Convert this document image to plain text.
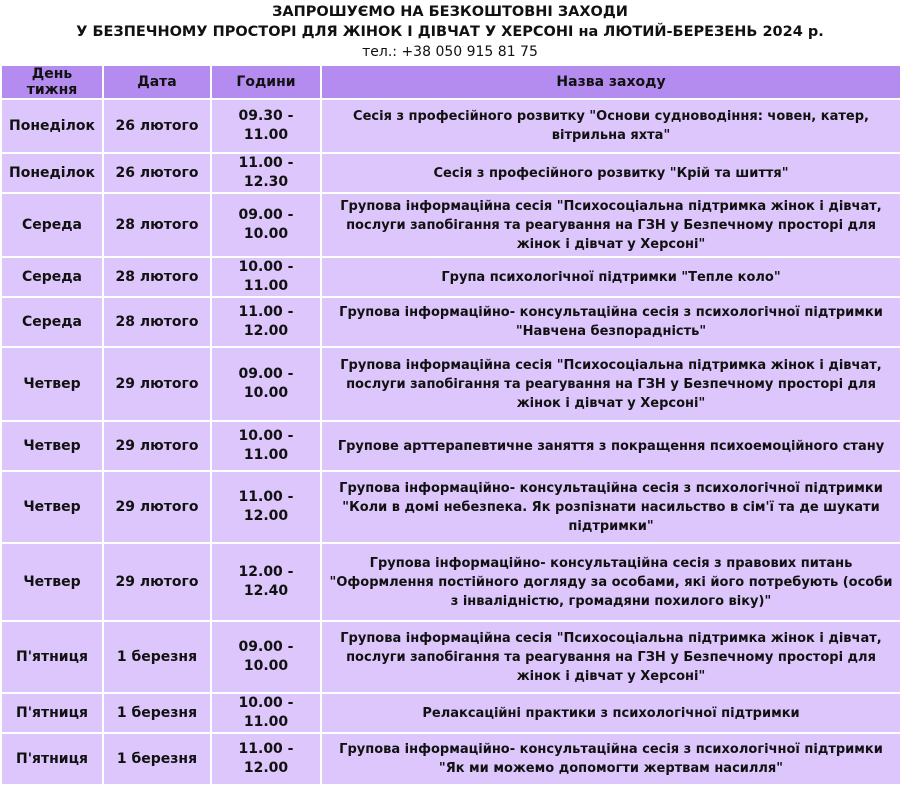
ЗАПРОШУЄМО НА БЕЗКОШТОВНІ ЗАХОДИ
У БЕЗПЕЧНОМУ ПРОСТОРІ ДЛЯ ЖІНОК І ДІВЧАТ У ХЕРСОНІ на ЛЮТИЙ-БЕРЕЗЕНЬ 2024 р.
тел.: +38 050 915 81 75
День тижня	Дата	Години	Назва заходу
Понеділок	26 лютого	09.30 - 11.00	Сесія з професійного розвитку "Основи судноводіння: човен, катер, вітрильна яхта"
Понеділок	26 лютого	11.00 - 12.30	Сесія з професійного розвитку "Крій та шиття"
Середа	28 лютого	09.00 - 10.00	Групова інформаційна сесія "Психосоціальна підтримка жінок і дівчат, послуги запобігання та реагування на ГЗН у Безпечному просторі для жінок і дівчат у Херсоні"
Середа	28 лютого	10.00 - 11.00	Група психологічної підтримки "Тепле коло"
Середа	28 лютого	11.00 - 12.00	Групова інформаційно- консультаційна сесія з психологічної підтримки "Навчена безпорадність"
Четвер	29 лютого	09.00 - 10.00	Групова інформаційна сесія "Психосоціальна підтримка жінок і дівчат, послуги запобігання та реагування на ГЗН у Безпечному просторі для жінок і дівчат у Херсоні"
Четвер	29 лютого	10.00 - 11.00	Групове арттерапевтичне заняття з покращення психоемоційного стану
Четвер	29 лютого	11.00 - 12.00	Групова інформаційно- консультаційна сесія з психологічної підтримки "Коли в домі небезпека. Як розпізнати насильство в сім'ї та де шукати підтримки"
Четвер	29 лютого	12.00 - 12.40	Групова інформаційно- консультаційна сесія з правових питань "Оформлення постійного догляду за особами, які його потребують (особи з інвалідністю, громадяни похилого віку)"
П'ятниця	1 березня	09.00 - 10.00	Групова інформаційна сесія "Психосоціальна підтримка жінок і дівчат, послуги запобігання та реагування на ГЗН у Безпечному просторі для жінок і дівчат у Херсоні"
П'ятниця	1 березня	10.00 - 11.00	Релаксаційні практики з психологічної підтримки
П'ятниця	1 березня	11.00 - 12.00	Групова інформаційно- консультаційна сесія з психологічної підтримки "Як ми можемо допомогти жертвам насилля"
